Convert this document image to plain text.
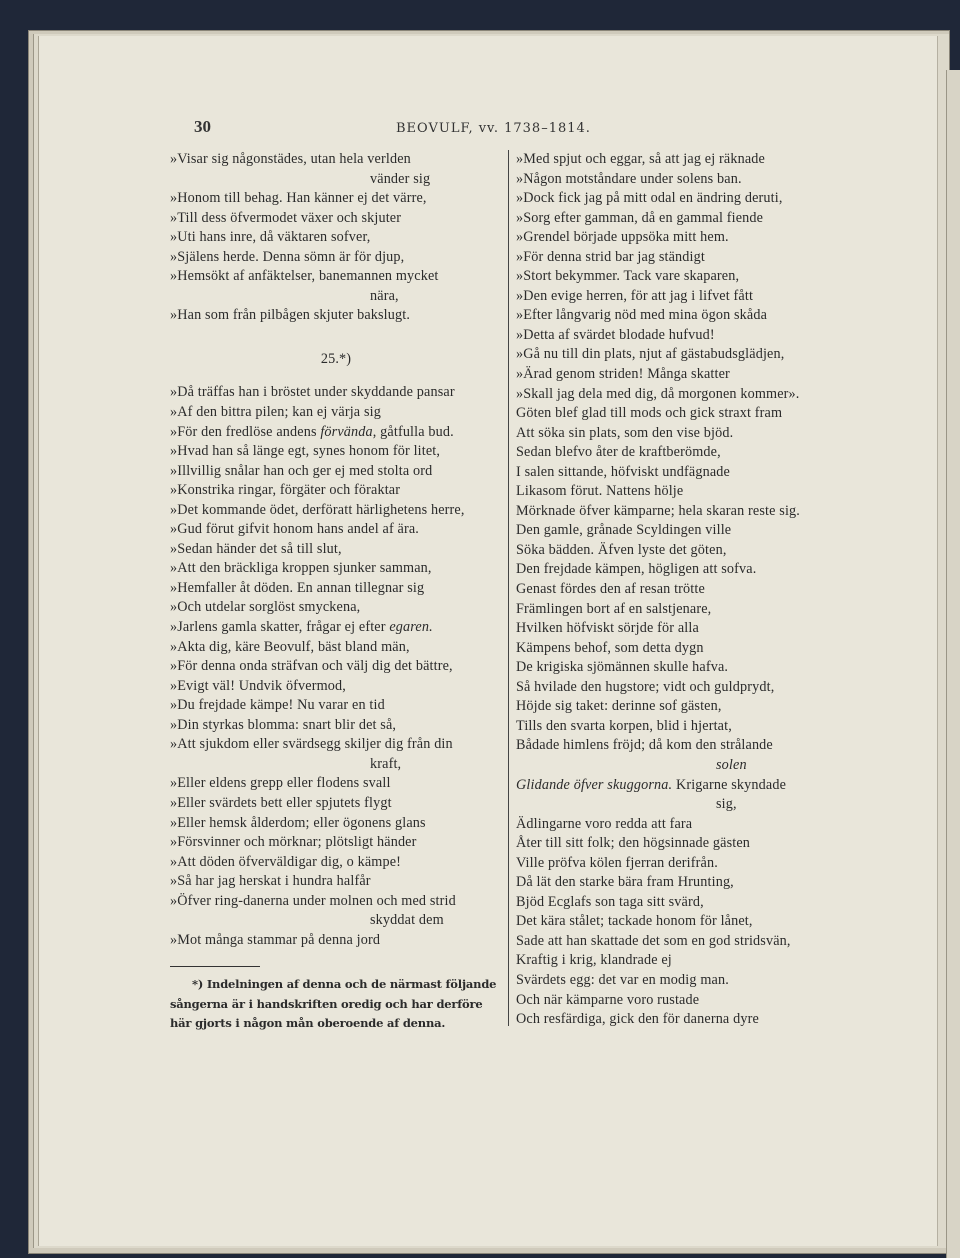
30	BEOVULF, vv. 1738–1814.
»Visar sig någonstädes, utan hela verlden
vänder sig
»Honom till behag. Han känner ej det värre,
»Till dess öfvermodet växer och skjuter
»Uti hans inre, då väktaren sofver,
»Själens herde. Denna sömn är för djup,
»Hemsökt af anfäktelser, banemannen mycket
nära,
»Han som från pilbågen skjuter bakslugt.
25.*)
»Då träffas han i bröstet under skyddande pansar
»Af den bittra pilen; kan ej värja sig
»För den fredlöse andens förvända, gåtfulla bud.
»Hvad han så länge egt, synes honom för litet,
»Illvillig snålar han och ger ej med stolta ord
»Konstrika ringar, förgäter och föraktar
»Det kommande ödet, derföratt härlighetens herre,
»Gud förut gifvit honom hans andel af ära.
»Sedan händer det så till slut,
»Att den bräckliga kroppen sjunker samman,
»Hemfaller åt döden. En annan tillegnar sig
»Och utdelar sorglöst smyckena,
»Jarlens gamla skatter, frågar ej efter egaren.
»Akta dig, käre Beovulf, bäst bland män,
»För denna onda sträfvan och välj dig det bättre,
»Evigt väl! Undvik öfvermod,
»Du frejdade kämpe! Nu varar en tid
»Din styrkas blomma: snart blir det så,
»Att sjukdom eller svärdsegg skiljer dig från din
kraft,
»Eller eldens grepp eller flodens svall
»Eller svärdets bett eller spjutets flygt
»Eller hemsk ålderdom; eller ögonens glans
»Försvinner och mörknar; plötsligt händer
»Att döden öfverväldigar dig, o kämpe!
»Så har jag herskat i hundra halfår
»Öfver ring-danerna under molnen och med strid
skyddat dem
»Mot många stammar på denna jord
*) Indelningen af denna och de närmast följande
sångerna är i handskriften oredig och har derföre
här gjorts i någon mån oberoende af denna.
»Med spjut och eggar, så att jag ej räknade
»Någon motståndare under solens ban.
»Dock fick jag på mitt odal en ändring deruti,
»Sorg efter gamman, då en gammal fiende
»Grendel började uppsöka mitt hem.
»För denna strid bar jag ständigt
»Stort bekymmer. Tack vare skaparen,
»Den evige herren, för att jag i lifvet fått
»Efter långvarig nöd med mina ögon skåda
»Detta af svärdet blodade hufvud!
»Gå nu till din plats, njut af gästabudsglädjen,
»Ärad genom striden! Många skatter
»Skall jag dela med dig, då morgonen kommer».
Göten blef glad till mods och gick straxt fram
Att söka sin plats, som den vise bjöd.
Sedan blefvo åter de kraftberömde,
I salen sittande, höfviskt undfägnade
Likasom förut. Nattens hölje
Mörknade öfver kämparne; hela skaran reste sig.
Den gamle, grånade Scyldingen ville
Söka bädden. Äfven lyste det göten,
Den frejdade kämpen, högligen att sofva.
Genast fördes den af resan trötte
Främlingen bort af en salstjenare,
Hvilken höfviskt sörjde för alla
Kämpens behof, som detta dygn
De krigiska sjömännen skulle hafva.
Så hvilade den hugstore; vidt och guldprydt,
Höjde sig taket: derinne sof gästen,
Tills den svarta korpen, blid i hjertat,
Bådade himlens fröjd; då kom den strålande
solen
Glidande öfver skuggorna. Krigarne skyndade
sig,
Ädlingarne voro redda att fara
Åter till sitt folk; den högsinnade gästen
Ville pröfva kölen fjerran derifrån.
Då lät den starke bära fram Hrunting,
Bjöd Ecglafs son taga sitt svärd,
Det kära stålet; tackade honom för lånet,
Sade att han skattade det som en god stridsvän,
Kraftig i krig, klandrade ej
Svärdets egg: det var en modig man.
Och när kämparne voro rustade
Och resfärdiga, gick den för danerna dyre
